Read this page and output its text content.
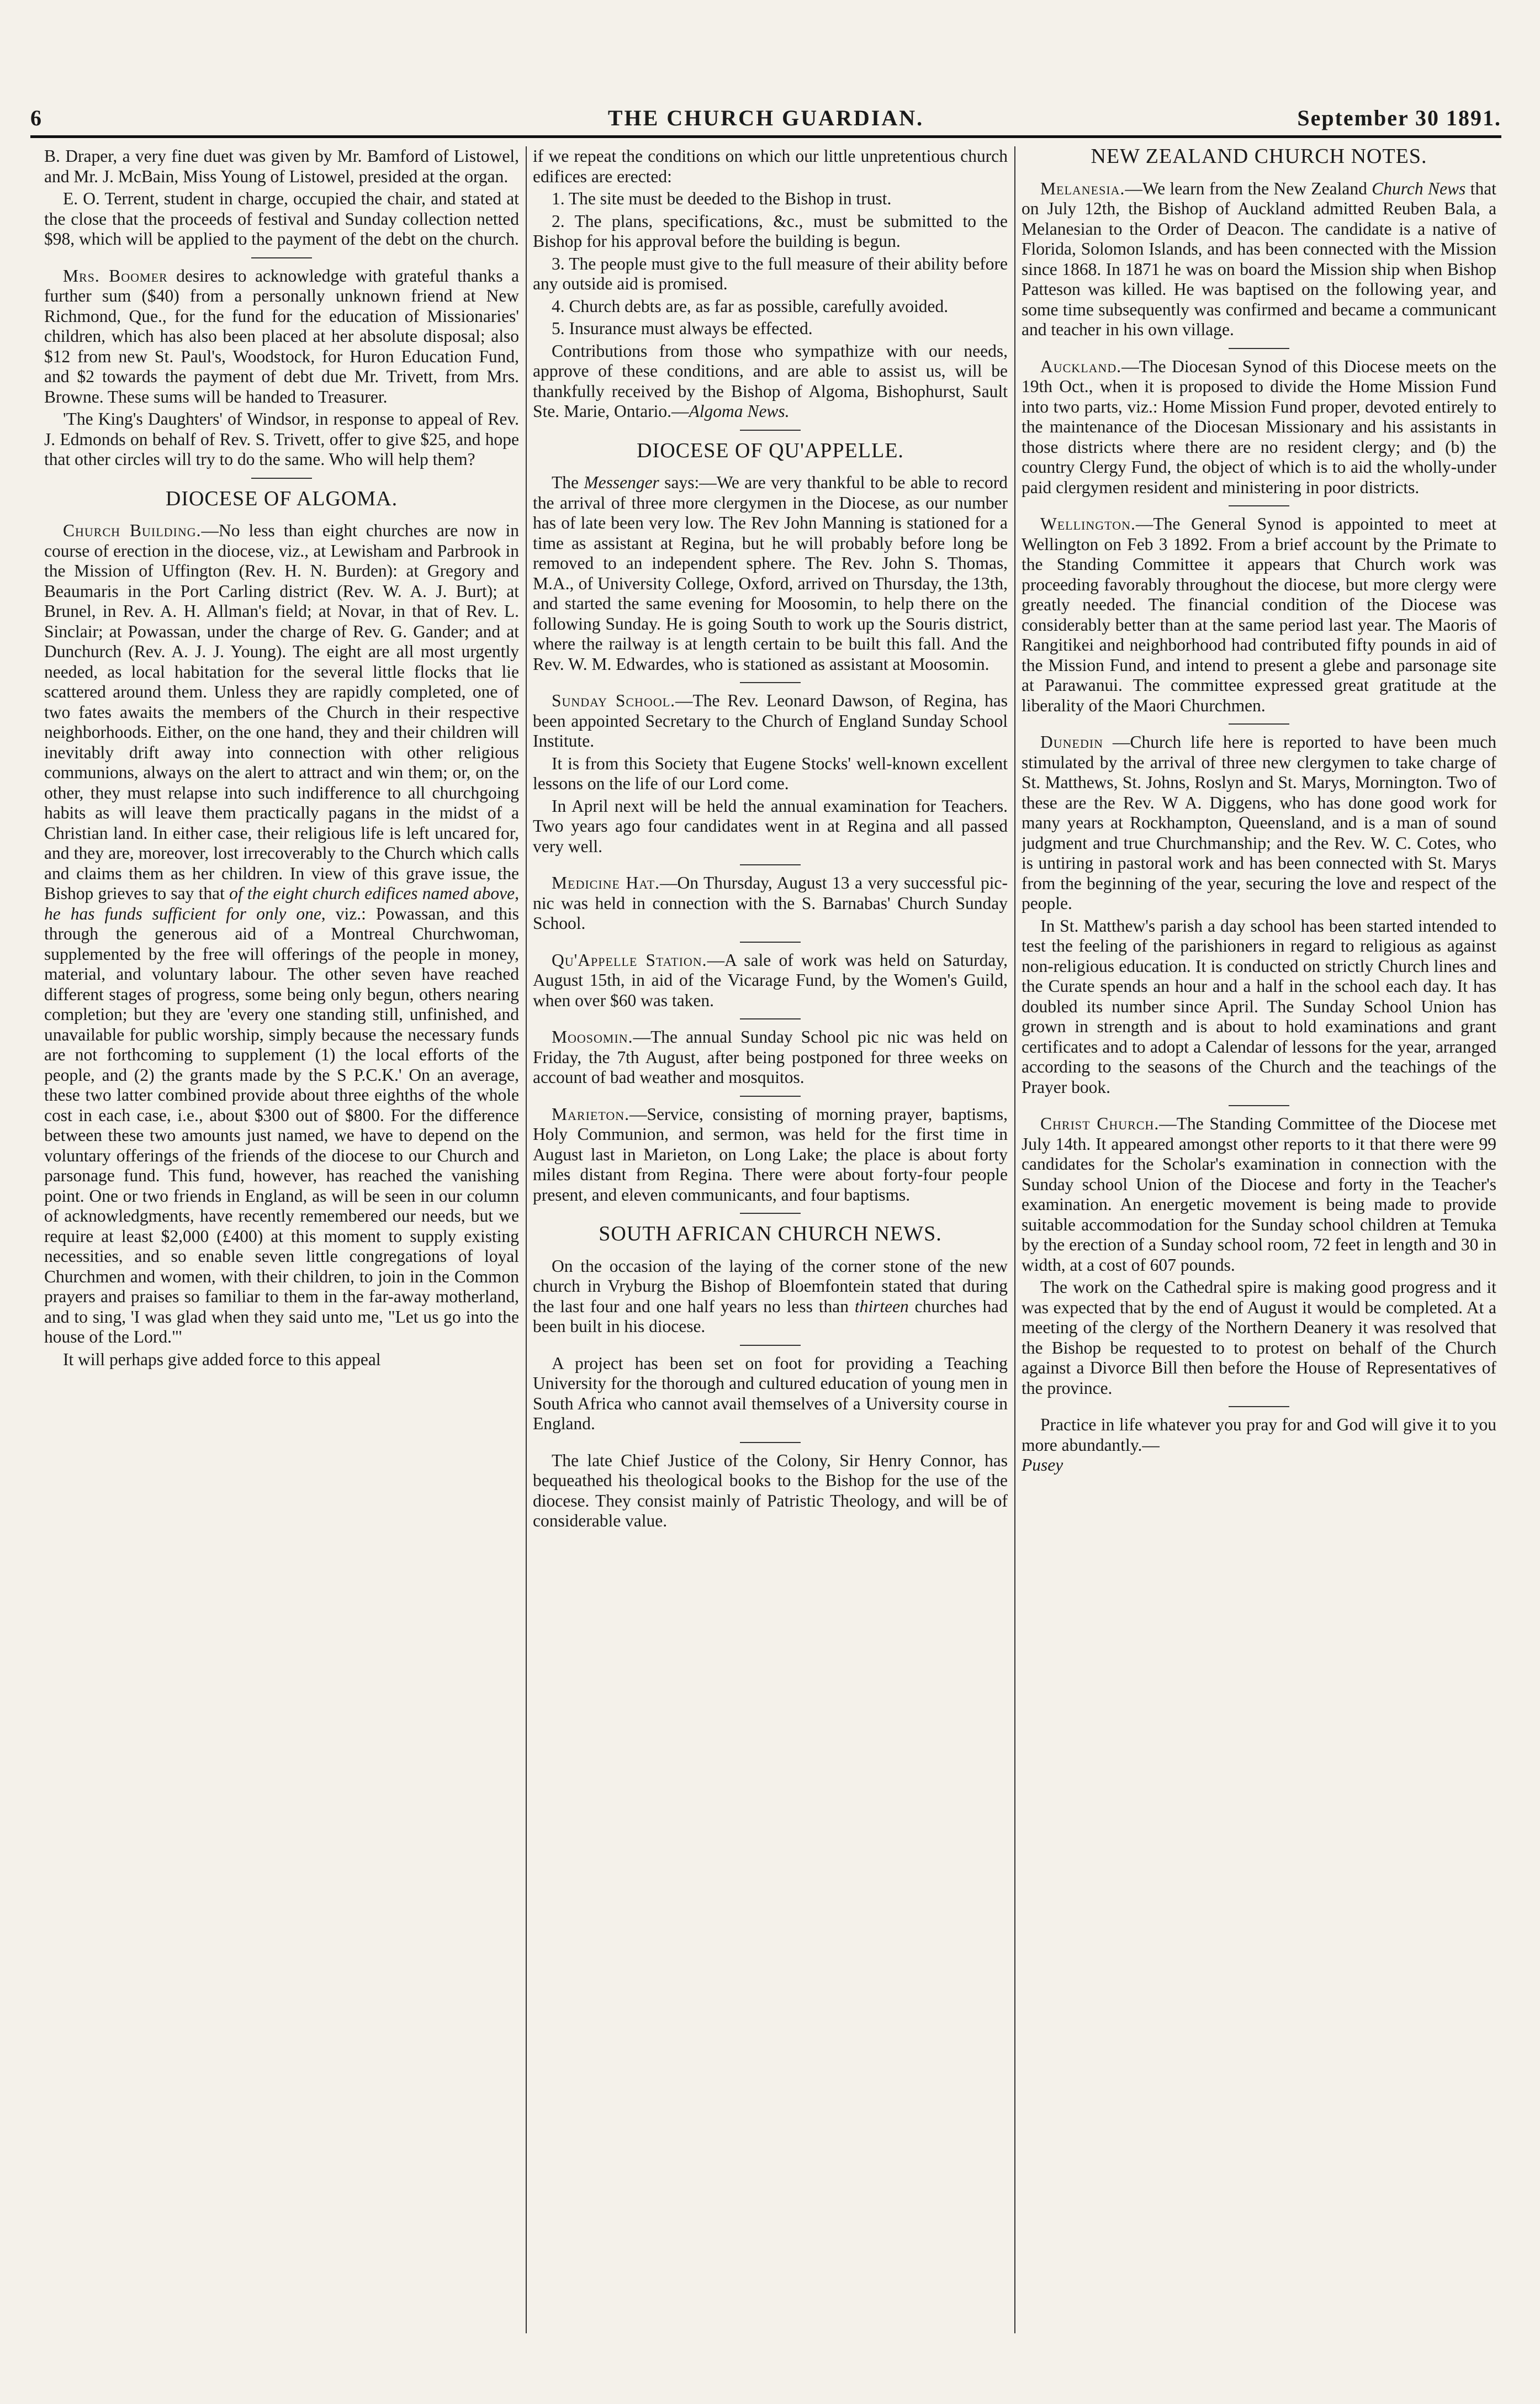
6	THE CHURCH GUARDIAN.	September 30 1891.

B. Draper, a very fine duet was given by Mr. Bamford of Listowel, and Mr. J. McBain, Miss Young of Listowel, presided at the organ.

E. O. Terrent, student in charge, occupied the chair, and stated at the close that the proceeds of festival and Sunday collection netted $98, which will be applied to the payment of the debt on the church.

Mrs. Boomer desires to acknowledge with grateful thanks a further sum ($40) from a personally unknown friend at New Richmond, Que., for the fund for the education of Missionaries' children, which has also been placed at her absolute disposal; also $12 from new St. Paul's, Woodstock, for Huron Education Fund, and $2 towards the payment of debt due Mr. Trivett, from Mrs. Browne. These sums will be handed to Treasurer.

'The King's Daughters' of Windsor, in response to appeal of Rev. J. Edmonds on behalf of Rev. S. Trivett, offer to give $25, and hope that other circles will try to do the same. Who will help them?

DIOCESE OF ALGOMA.

Church Building.—No less than eight churches are now in course of erection in the diocese, viz., at Lewisham and Parbrook in the Mission of Uffington (Rev. H. N. Burden): at Gregory and Beaumaris in the Port Carling district (Rev. W. A. J. Burt); at Brunel, in Rev. A. H. Allman's field; at Novar, in that of Rev. L. Sinclair; at Powassan, under the charge of Rev. G. Gander; and at Dunchurch (Rev. A. J. J. Young). The eight are all most urgently needed, as local habitation for the several little flocks that lie scattered around them. Unless they are rapidly completed, one of two fates awaits the members of the Church in their respective neighborhoods. Either, on the one hand, they and their children will inevitably drift away into connection with other religious communions, always on the alert to attract and win them; or, on the other, they must relapse into such indifference to all churchgoing habits as will leave them practically pagans in the midst of a Christian land. In either case, their religious life is left uncared for, and they are, moreover, lost irrecoverably to the Church which calls and claims them as her children. In view of this grave issue, the Bishop grieves to say that of the eight church edifices named above, he has funds sufficient for only one, viz.: Powassan, and this through the generous aid of a Montreal Churchwoman, supplemented by the free will offerings of the people in money, material, and voluntary labour. The other seven have reached different stages of progress, some being only begun, others nearing completion; but they are 'every one standing still, unfinished, and unavailable for public worship, simply because the necessary funds are not forthcoming to supplement (1) the local efforts of the people, and (2) the grants made by the S P.C.K.' On an average, these two latter combined provide about three eighths of the whole cost in each case, i.e., about $300 out of $800. For the difference between these two amounts just named, we have to depend on the voluntary offerings of the friends of the diocese to our Church and parsonage fund. This fund, however, has reached the vanishing point. One or two friends in England, as will be seen in our column of acknowledgments, have recently remembered our needs, but we require at least $2,000 (£400) at this moment to supply existing necessities, and so enable seven little congregations of loyal Churchmen and women, with their children, to join in the Common prayers and praises so familiar to them in the far-away motherland, and to sing, 'I was glad when they said unto me, "Let us go into the house of the Lord."'

It will perhaps give added force to this appeal

if we repeat the conditions on which our little unpretentious church edifices are erected:

1. The site must be deeded to the Bishop in trust.

2. The plans, specifications, &c., must be submitted to the Bishop for his approval before the building is begun.

3. The people must give to the full measure of their ability before any outside aid is promised.

4. Church debts are, as far as possible, carefully avoided.

5. Insurance must always be effected.

Contributions from those who sympathize with our needs, approve of these conditions, and are able to assist us, will be thankfully received by the Bishop of Algoma, Bishophurst, Sault Ste. Marie, Ontario.—Algoma News.

DIOCESE OF QU'APPELLE.

The Messenger says:—We are very thankful to be able to record the arrival of three more clergymen in the Diocese, as our number has of late been very low. The Rev John Manning is stationed for a time as assistant at Regina, but he will probably before long be removed to an independent sphere. The Rev. John S. Thomas, M.A., of University College, Oxford, arrived on Thursday, the 13th, and started the same evening for Moosomin, to help there on the following Sunday. He is going South to work up the Souris district, where the railway is at length certain to be built this fall. And the Rev. W. M. Edwardes, who is stationed as assistant at Moosomin.

Sunday School.—The Rev. Leonard Dawson, of Regina, has been appointed Secretary to the Church of England Sunday School Institute.

It is from this Society that Eugene Stocks' well-known excellent lessons on the life of our Lord come.

In April next will be held the annual examination for Teachers. Two years ago four candidates went in at Regina and all passed very well.

Medicine Hat.—On Thursday, August 13 a very successful pic-nic was held in connection with the S. Barnabas' Church Sunday School.

Qu'Appelle Station.—A sale of work was held on Saturday, August 15th, in aid of the Vicarage Fund, by the Women's Guild, when over $60 was taken.

Moosomin.—The annual Sunday School pic nic was held on Friday, the 7th August, after being postponed for three weeks on account of bad weather and mosquitos.

Marieton.—Service, consisting of morning prayer, baptisms, Holy Communion, and sermon, was held for the first time in August last in Marieton, on Long Lake; the place is about forty miles distant from Regina. There were about forty-four people present, and eleven communicants, and four baptisms.

SOUTH AFRICAN CHURCH NEWS.

On the occasion of the laying of the corner stone of the new church in Vryburg the Bishop of Bloemfontein stated that during the last four and one half years no less than thirteen churches had been built in his diocese.

A project has been set on foot for providing a Teaching University for the thorough and cultured education of young men in South Africa who cannot avail themselves of a University course in England.

The late Chief Justice of the Colony, Sir Henry Connor, has bequeathed his theological books to the Bishop for the use of the diocese. They consist mainly of Patristic Theology, and will be of considerable value.

NEW ZEALAND CHURCH NOTES.

Melanesia.—We learn from the New Zealand Church News that on July 12th, the Bishop of Auckland admitted Reuben Bala, a Melanesian to the Order of Deacon. The candidate is a native of Florida, Solomon Islands, and has been connected with the Mission since 1868. In 1871 he was on board the Mission ship when Bishop Patteson was killed. He was baptised on the following year, and some time subsequently was confirmed and became a communicant and teacher in his own village.

Auckland.—The Diocesan Synod of this Diocese meets on the 19th Oct., when it is proposed to divide the Home Mission Fund into two parts, viz.: Home Mission Fund proper, devoted entirely to the maintenance of the Diocesan Missionary and his assistants in those districts where there are no resident clergy; and (b) the country Clergy Fund, the object of which is to aid the wholly-under paid clergymen resident and ministering in poor districts.

Wellington.—The General Synod is appointed to meet at Wellington on Feb 3 1892. From a brief account by the Primate to the Standing Committee it appears that Church work was proceeding favorably throughout the diocese, but more clergy were greatly needed. The financial condition of the Diocese was considerably better than at the same period last year. The Maoris of Rangitikei and neighborhood had contributed fifty pounds in aid of the Mission Fund, and intend to present a glebe and parsonage site at Parawanui. The committee expressed great gratitude at the liberality of the Maori Churchmen.

Dunedin —Church life here is reported to have been much stimulated by the arrival of three new clergymen to take charge of St. Matthews, St. Johns, Roslyn and St. Marys, Mornington. Two of these are the Rev. W A. Diggens, who has done good work for many years at Rockhampton, Queensland, and is a man of sound judgment and true Churchmanship; and the Rev. W. C. Cotes, who is untiring in pastoral work and has been connected with St. Marys from the beginning of the year, securing the love and respect of the people.

In St. Matthew's parish a day school has been started intended to test the feeling of the parishioners in regard to religious as against non-religious education. It is conducted on strictly Church lines and the Curate spends an hour and a half in the school each day. It has doubled its number since April. The Sunday School Union has grown in strength and is about to hold examinations and grant certificates and to adopt a Calendar of lessons for the year, arranged according to the seasons of the Church and the teachings of the Prayer book.

Christ Church.—The Standing Committee of the Diocese met July 14th. It appeared amongst other reports to it that there were 99 candidates for the Scholar's examination in connection with the Sunday school Union of the Diocese and forty in the Teacher's examination. An energetic movement is being made to provide suitable accommodation for the Sunday school children at Temuka by the erection of a Sunday school room, 72 feet in length and 30 in width, at a cost of 607 pounds.

The work on the Cathedral spire is making good progress and it was expected that by the end of August it would be completed. At a meeting of the clergy of the Northern Deanery it was resolved that the Bishop be requested to to protest on behalf of the Church against a Divorce Bill then before the House of Representatives of the province.

Practice in life whatever you pray for and God will give it to you more abundantly.—
Pusey
